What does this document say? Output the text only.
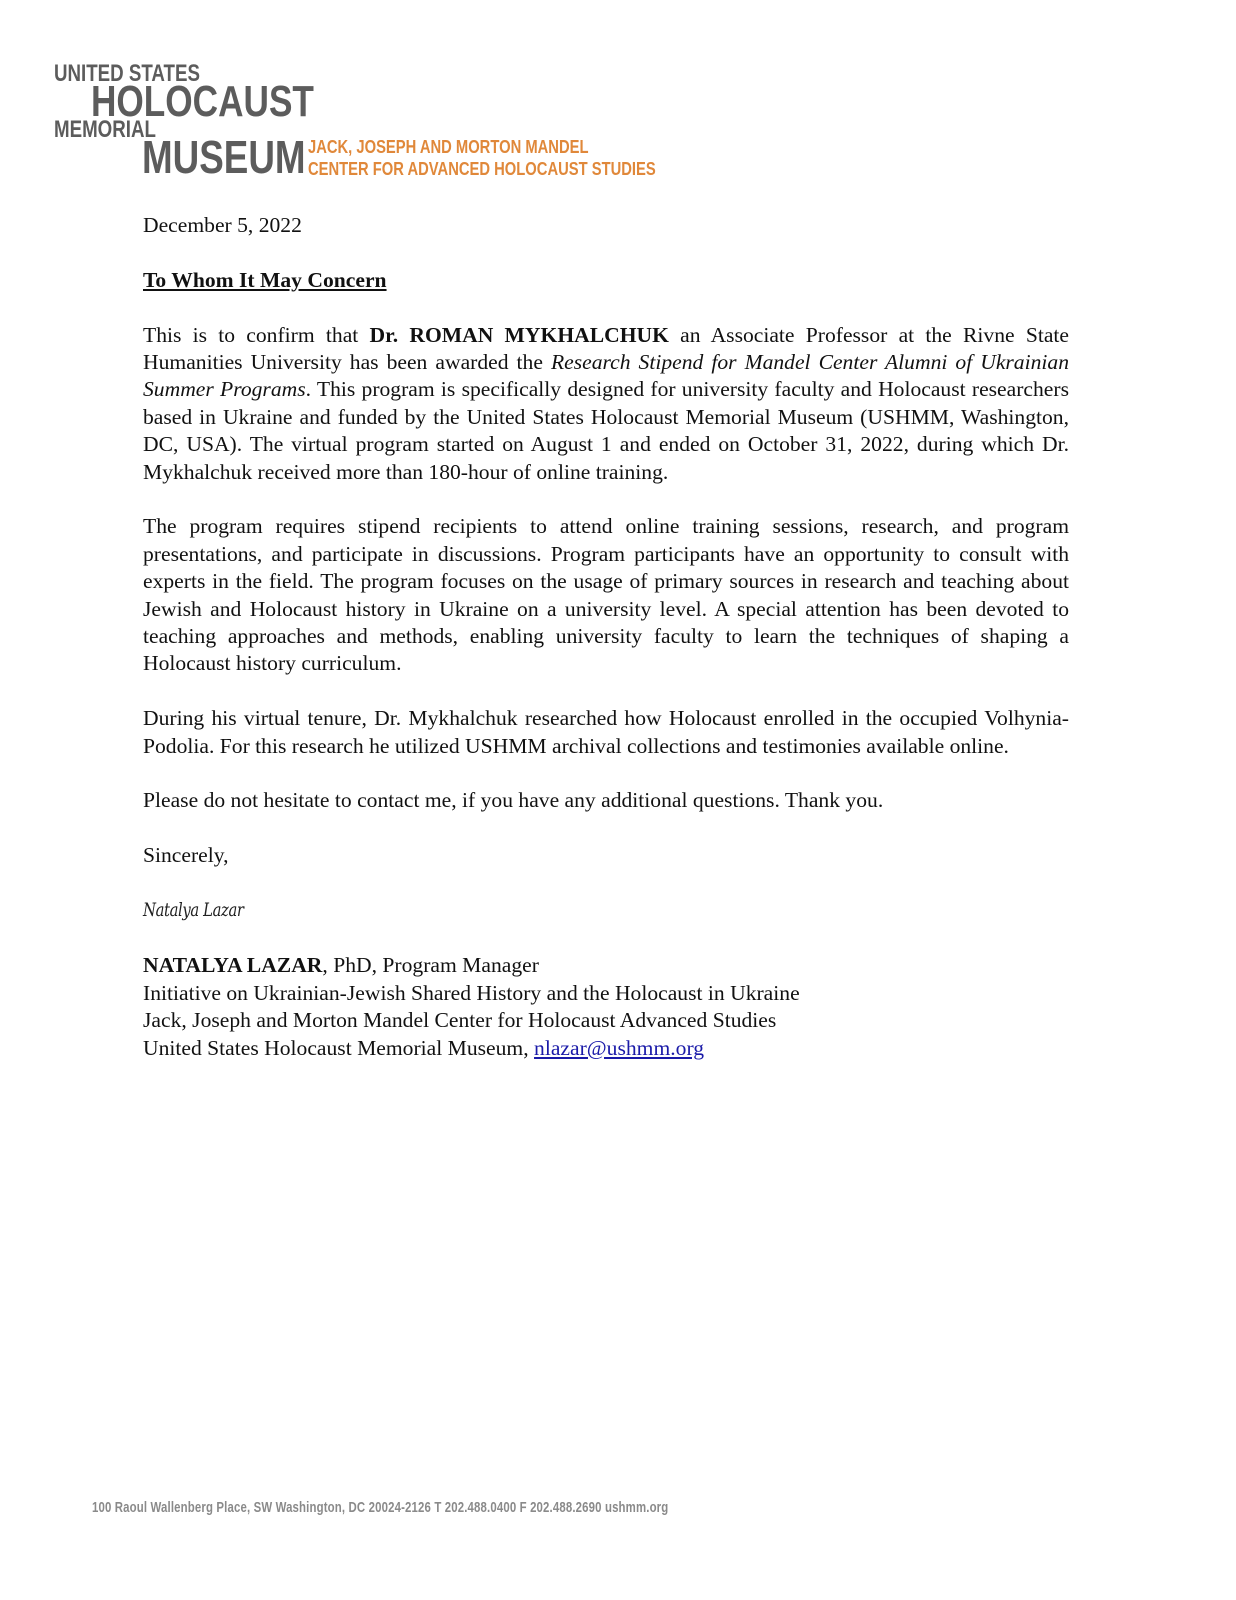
UNITED STATES
HOLOCAUST
MEMORIAL
MUSEUM JACK, JOSEPH AND MORTON MANDEL
CENTER FOR ADVANCED HOLOCAUST STUDIES

December 5, 2022

To Whom It May Concern

This is to confirm that Dr. ROMAN MYKHALCHUK an Associate Professor at the Rivne State Humanities University has been awarded the Research Stipend for Mandel Center Alumni of Ukrainian Summer Programs. This program is specifically designed for university faculty and Holocaust researchers based in Ukraine and funded by the United States Holocaust Memorial Museum (USHMM, Washington, DC, USA). The virtual program started on August 1 and ended on October 31, 2022, during which Dr. Mykhalchuk received more than 180-hour of online training.

The program requires stipend recipients to attend online training sessions, research, and program presentations, and participate in discussions. Program participants have an opportunity to consult with experts in the field. The program focuses on the usage of primary sources in research and teaching about Jewish and Holocaust history in Ukraine on a university level. A special attention has been devoted to teaching approaches and methods, enabling university faculty to learn the techniques of shaping a Holocaust history curriculum.

During his virtual tenure, Dr. Mykhalchuk researched how Holocaust enrolled in the occupied Volhynia-Podolia. For this research he utilized USHMM archival collections and testimonies available online.

Please do not hesitate to contact me, if you have any additional questions. Thank you.

Sincerely,

Natalya Lazar

NATALYA LAZAR, PhD, Program Manager

Initiative on Ukrainian-Jewish Shared History and the Holocaust in Ukraine

Jack, Joseph and Morton Mandel Center for Holocaust Advanced Studies

United States Holocaust Memorial Museum, nlazar@ushmm.org

100 Raoul Wallenberg Place, SW Washington, DC 20024-2126 T 202.488.0400 F 202.488.2690 ushmm.org
